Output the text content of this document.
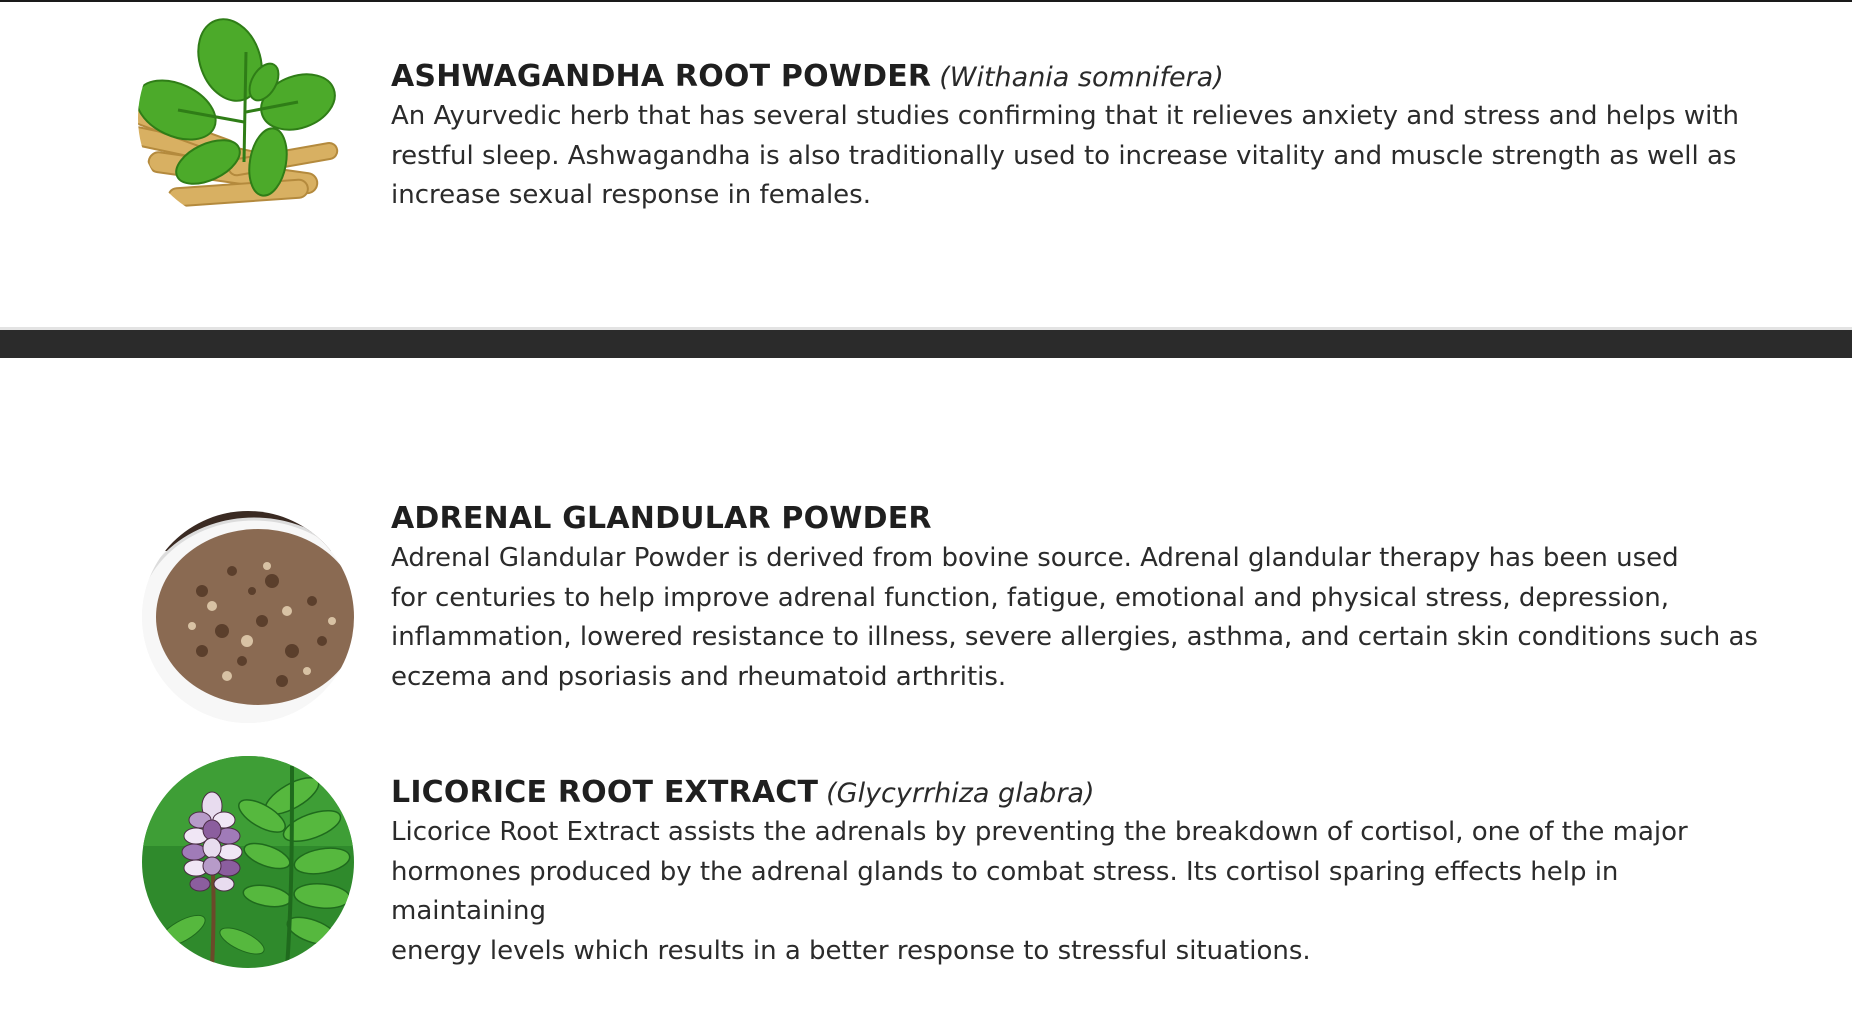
ASHWAGANDHA ROOT POWDER (Withania somnifera)

An Ayurvedic herb that has several studies confirming that it relieves anxiety and stress and helps with
restful sleep. Ashwagandha is also traditionally used to increase vitality and muscle strength as well as
increase sexual response in females.

ADRENAL GLANDULAR POWDER

Adrenal Glandular Powder is derived from bovine source. Adrenal glandular therapy has been used
for centuries to help improve adrenal function, fatigue, emotional and physical stress, depression,
inflammation, lowered resistance to illness, severe allergies, asthma, and certain skin conditions such as
eczema and psoriasis and rheumatoid arthritis.

LICORICE ROOT EXTRACT (Glycyrrhiza glabra)

Licorice Root Extract assists the adrenals by preventing the breakdown of cortisol, one of the major
hormones produced by the adrenal glands to combat stress. Its cortisol sparing effects help in maintaining
energy levels which results in a better response to stressful situations.
